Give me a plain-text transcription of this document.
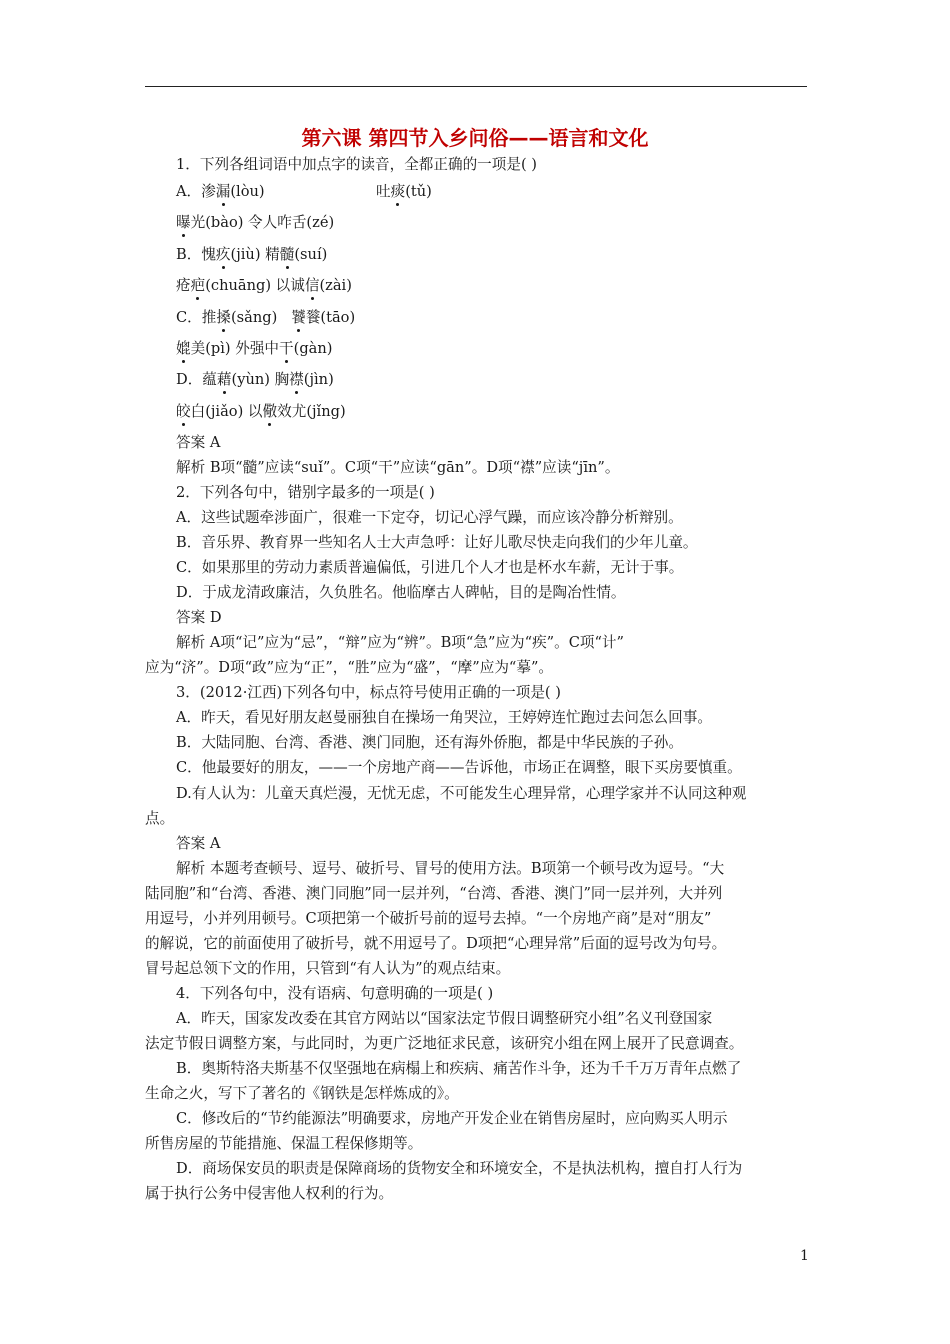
第六课 第四节入乡问俗——语言和文化
1．下列各组词语中加点字的读音，全都正确的一项是( )
A．渗漏(lòu)	吐痰(tǔ)
曝光(bào) 令人咋舌(zé)
B．愧疚(jiù) 精髓(suí)
疮疤(chuāng) 以诚信(zài)
C．推搡(sǎng)   饕餮(tāo)
媲美(pì) 外强中干(gàn)
D．蕴藉(yùn) 胸襟(jìn)
皎白(jiǎo) 以儆效尤(jǐng)
答案 A
解析 B项“髓”应读“suǐ”。C项“干”应读“gān”。D项“襟”应读“jīn”。
2．下列各句中，错别字最多的一项是( )
A．这些试题牵涉面广，很难一下定夺，切记心浮气躁，而应该冷静分析辩别。
B．音乐界、教育界一些知名人士大声急呼：让好儿歌尽快走向我们的少年儿童。
C．如果那里的劳动力素质普遍偏低，引进几个人才也是杯水车薪，无计于事。
D．于成龙清政廉洁，久负胜名。他临摩古人碑帖，目的是陶冶性情。
答案 D
解析 A项“记”应为“忌”，“辩”应为“辨”。B项“急”应为“疾”。C项“计”
应为“济”。D项“政”应为“正”，“胜”应为“盛”，“摩”应为“摹”。
3．(2012·江西)下列各句中，标点符号使用正确的一项是( )
A．昨天，看见好朋友赵曼丽独自在操场一角哭泣，王婷婷连忙跑过去问怎么回事。
B．大陆同胞、台湾、香港、澳门同胞，还有海外侨胞，都是中华民族的子孙。
C．他最要好的朋友，——一个房地产商——告诉他，市场正在调整，眼下买房要慎重。
D.有人认为：儿童天真烂漫，无忧无虑，不可能发生心理异常，心理学家并不认同这种观
点。
答案 A
解析 本题考查顿号、逗号、破折号、冒号的使用方法。B项第一个顿号改为逗号。“大
陆同胞”和“台湾、香港、澳门同胞”同一层并列，“台湾、香港、澳门”同一层并列，大并列
用逗号，小并列用顿号。C项把第一个破折号前的逗号去掉。“一个房地产商”是对“朋友”
的解说，它的前面使用了破折号，就不用逗号了。D项把“心理异常”后面的逗号改为句号。
冒号起总领下文的作用，只管到“有人认为”的观点结束。
4．下列各句中，没有语病、句意明确的一项是( )
A．昨天，国家发改委在其官方网站以“国家法定节假日调整研究小组”名义刊登国家
法定节假日调整方案，与此同时，为更广泛地征求民意，该研究小组在网上展开了民意调查。
B．奥斯特洛夫斯基不仅坚强地在病榻上和疾病、痛苦作斗争，还为千千万万青年点燃了
生命之火，写下了著名的《钢铁是怎样炼成的》。
C．修改后的“节约能源法”明确要求，房地产开发企业在销售房屋时，应向购买人明示
所售房屋的节能措施、保温工程保修期等。
D．商场保安员的职责是保障商场的货物安全和环境安全，不是执法机构，擅自打人行为
属于执行公务中侵害他人权利的行为。
1
